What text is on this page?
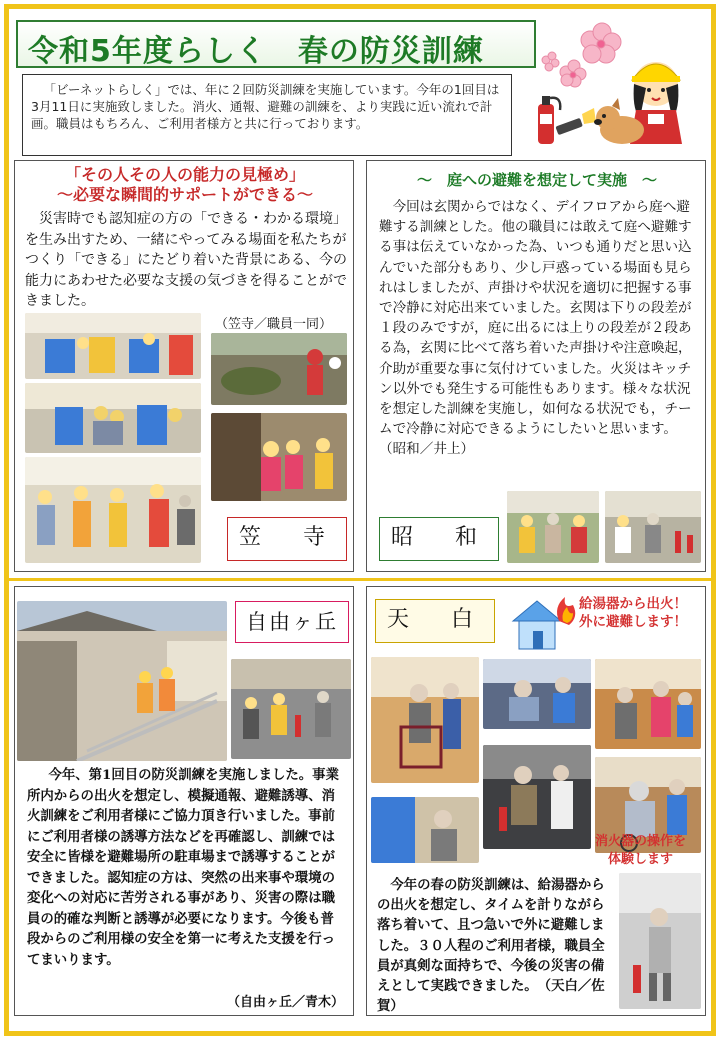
令和5年度らしく　春の防災訓練

「ビーネットらしく」では、年に２回防災訓練を実施しています。今年の1回目は3月11日に実施致しました。消火、通報、避難の訓練を、より実践に近い流れで計画。職員はもちろん、ご利用者様方と共に行っております。

「その人その人の能力の見極め」
～必要な瞬間的サポートができる～

災害時でも認知症の方の「できる・わかる環境」を生み出すため、一緒にやってみる場面を私たちがつくり「できる」にたどり着いた背景にある、今の能力にあわせた必要な支援の気づきを得ることができました。

（笠寺／職員一同）
笠　寺
～　庭への避難を想定して実施　～

今回は玄関からではなく、デイフロアから庭へ避難する訓練とした。他の職員には敢えて庭へ避難する事は伝えていなかった為、いつも通りだと思い込んでいた部分もあり、少し戸惑っている場面も見られはしましたが、声掛けや状況を適切に把握する事で冷静に対応出来ていました。玄関は下りの段差が１段のみですが，庭に出るには上りの段差が２段ある為，玄関に比べて落ち着いた声掛けや注意喚起，介助が重要な事に気付けていました。火災はキッチン以外でも発生する可能性もあります。様々な状況を想定した訓練を実施し，如何なる状況でも，チームで冷静に対応できるようにしたいと思います。（昭和／井上）

昭　和
自由ヶ丘

今年、第1回目の防災訓練を実施しました。事業所内からの出火を想定し、模擬通報、避難誘導、消火訓練をご利用者様にご協力頂き行いました。事前にご利用者様の誘導方法などを再確認し、訓練では安全に皆様を避難場所の駐車場まで誘導することができました。認知症の方は、突然の出来事や環境の変化への対応に苦労される事があり、災害の際は職員の的確な判断と誘導が必要になります。今後も普段からのご利用様の安全を第一に考えた支援を行ってまいります。

（自由ヶ丘／青木）
天　白
給湯器から出火！
外に避難します！
消火器の操作を
体験します

今年の春の防災訓練は、給湯器からの出火を想定し、タイムを計りながら落ち着いて、且つ急いで外に避難しました。３０人程のご利用者様，職員全員が真剣な面持ちで、今後の災害の備えとして実践できました。　（天白／佐賀）
